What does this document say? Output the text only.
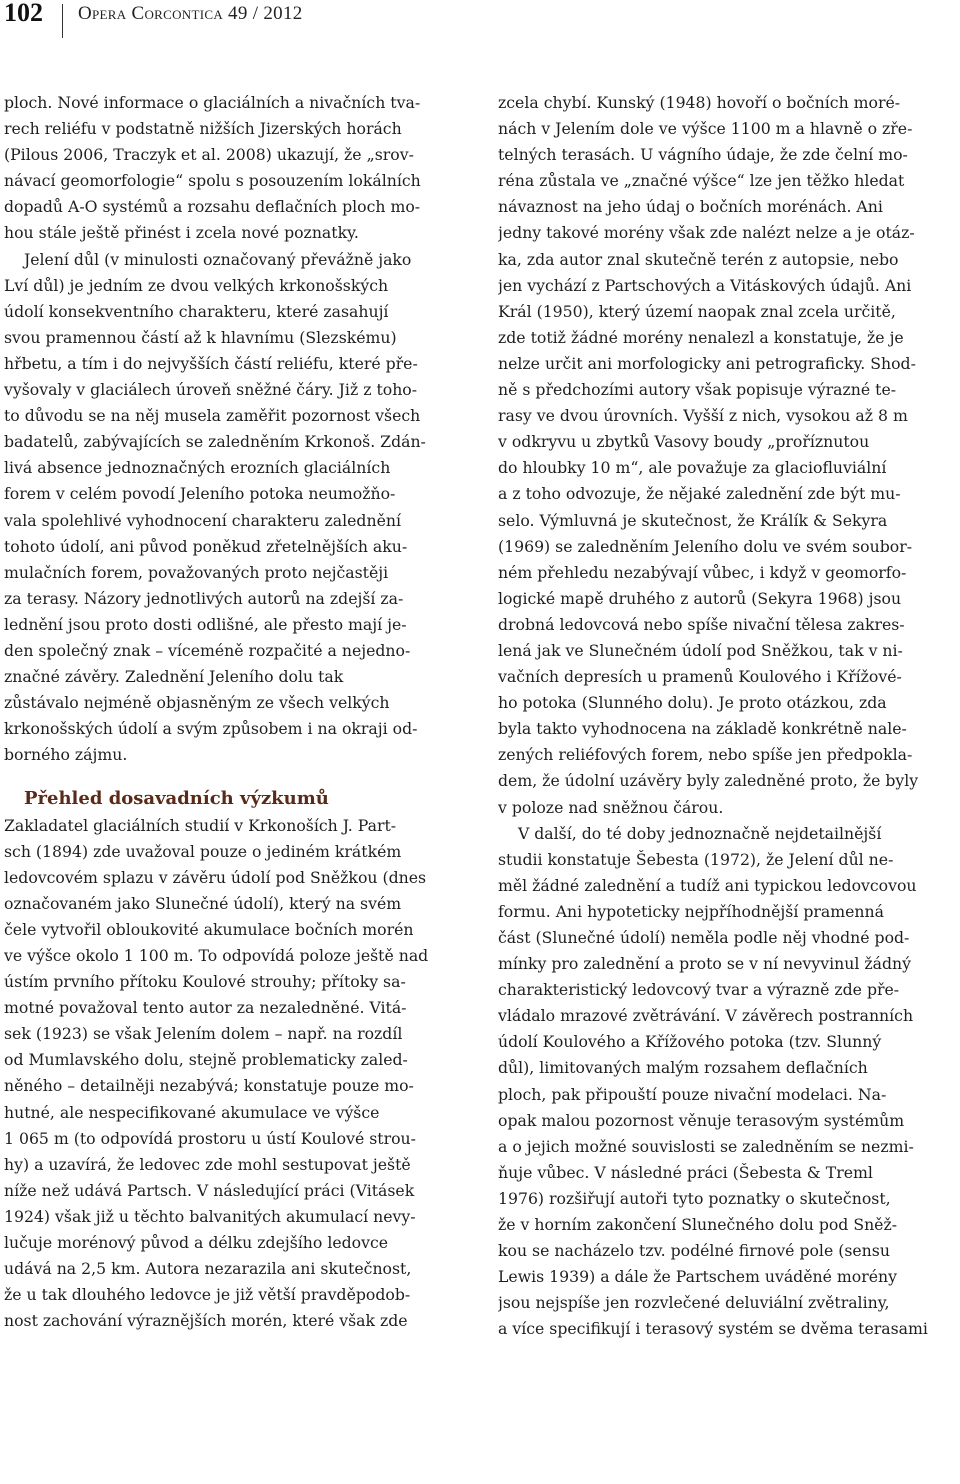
102 Opera Corcontica 49 / 2012
ploch. Nové informace o glaciálních a nivačních tva-
rech reliéfu v podstatně nižších Jizerských horách
(Pilous 2006, Traczyk et al. 2008) ukazují, že „srov-
návací geomorfologie“ spolu s posouzením lokálních
dopadů A-O systémů a rozsahu deflačních ploch mo-
hou stále ještě přinést i zcela nové poznatky.
Jelení důl (v minulosti označovaný převážně jako
Lví důl) je jedním ze dvou velkých krkonošských
údolí konsekventního charakteru, které zasahují
svou pramennou částí až k hlavnímu (Slezskému)
hřbetu, a tím i do nejvyšších částí reliéfu, které pře-
vyšovaly v glaciálech úroveň sněžné čáry. Již z toho-
to důvodu se na něj musela zaměřit pozornost všech
badatelů, zabývajících se zaledněním Krkonoš. Zdán-
livá absence jednoznačných erozních glaciálních
forem v celém povodí Jeleního potoka neumožňo-
vala spolehlivé vyhodnocení charakteru zalednění
tohoto údolí, ani původ poněkud zřetelnějších aku-
mulačních forem, považovaných proto nejčastěji
za terasy. Názory jednotlivých autorů na zdejší za-
lednění jsou proto dosti odlišné, ale přesto mají je-
den společný znak – víceméně rozpačité a nejedno-
značné závěry. Zalednění Jeleního dolu tak
zůstávalo nejméně objasněným ze všech velkých
krkonošských údolí a svým způsobem i na okraji od-
borného zájmu.
Přehled dosavadních výzkumů
Zakladatel glaciálních studií v Krkonoších J. Part-
sch (1894) zde uvažoval pouze o jediném krátkém
ledovcovém splazu v závěru údolí pod Sněžkou (dnes
označovaném jako Slunečné údolí), který na svém
čele vytvořil obloukovité akumulace bočních morén
ve výšce okolo 1 100 m. To odpovídá poloze ještě nad
ústím prvního přítoku Koulové strouhy; přítoky sa-
motné považoval tento autor za nezaledněné. Vitá-
sek (1923) se však Jelením dolem – např. na rozdíl
od Mumlavského dolu, stejně problematicky zaled-
něného – detailněji nezabývá; konstatuje pouze mo-
hutné, ale nespecifikované akumulace ve výšce
1 065 m (to odpovídá prostoru u ústí Koulové strou-
hy) a uzavírá, že ledovec zde mohl sestupovat ještě
níže než udává Partsch. V následující práci (Vitásek
1924) však již u těchto balvanitých akumulací nevy-
lučuje morénový původ a délku zdejšího ledovce
udává na 2,5 km. Autora nezarazila ani skutečnost,
že u tak dlouhého ledovce je již větší pravděpodob-
nost zachování výraznějších morén, které však zde
zcela chybí. Kunský (1948) hovoří o bočních moré-
nách v Jelením dole ve výšce 1100 m a hlavně o zře-
telných terasách. U vágního údaje, že zde čelní mo-
réna zůstala ve „značné výšce“ lze jen těžko hledat
návaznost na jeho údaj o bočních morénách. Ani
jedny takové morény však zde nalézt nelze a je otáz-
ka, zda autor znal skutečně terén z autopsie, nebo
jen vychází z Partschových a Vitáskových údajů. Ani
Král (1950), který území naopak znal zcela určitě,
zde totiž žádné morény nenalezl a konstatuje, že je
nelze určit ani morfologicky ani petrograficky. Shod-
ně s předchozími autory však popisuje výrazné te-
rasy ve dvou úrovních. Vyšší z nich, vysokou až 8 m
v odkryvu u zbytků Vasovy boudy „proříznutou
do hloubky 10 m“, ale považuje za glaciofluviální
a z toho odvozuje, že nějaké zalednění zde být mu-
selo. Výmluvná je skutečnost, že Králík & Sekyra
(1969) se zaledněním Jeleního dolu ve svém soubor-
ném přehledu nezabývají vůbec, i když v geomorfo-
logické mapě druhého z autorů (Sekyra 1968) jsou
drobná ledovcová nebo spíše nivační tělesa zakres-
lená jak ve Slunečném údolí pod Sněžkou, tak v ni-
vačních depresích u pramenů Koulového i Křížové-
ho potoka (Slunného dolu). Je proto otázkou, zda
byla takto vyhodnocena na základě konkrétně nale-
zených reliéfových forem, nebo spíše jen předpokla-
dem, že údolní uzávěry byly zaledněné proto, že byly
v poloze nad sněžnou čárou.
V další, do té doby jednoznačně nejdetailnější
studii konstatuje Šebesta (1972), že Jelení důl ne-
měl žádné zalednění a tudíž ani typickou ledovcovou
formu. Ani hypoteticky nejpříhodnější pramenná
část (Slunečné údolí) neměla podle něj vhodné pod-
mínky pro zalednění a proto se v ní nevyvinul žádný
charakteristický ledovcový tvar a výrazně zde pře-
vládalo mrazové zvětrávání. V závěrech postranních
údolí Koulového a Křížového potoka (tzv. Slunný
důl), limitovaných malým rozsahem deflačních
ploch, pak připouští pouze nivační modelaci. Na-
opak malou pozornost věnuje terasovým systémům
a o jejich možné souvislosti se zaledněním se nezmi-
ňuje vůbec. V následné práci (Šebesta & Treml
1976) rozšiřují autoři tyto poznatky o skutečnost,
že v horním zakončení Slunečného dolu pod Sněž-
kou se nacházelo tzv. podélné firnové pole (sensu
Lewis 1939) a dále že Partschem uváděné morény
jsou nejspíše jen rozvlečené deluviální zvětraliny,
a více specifikují i terasový systém se dvěma terasami
